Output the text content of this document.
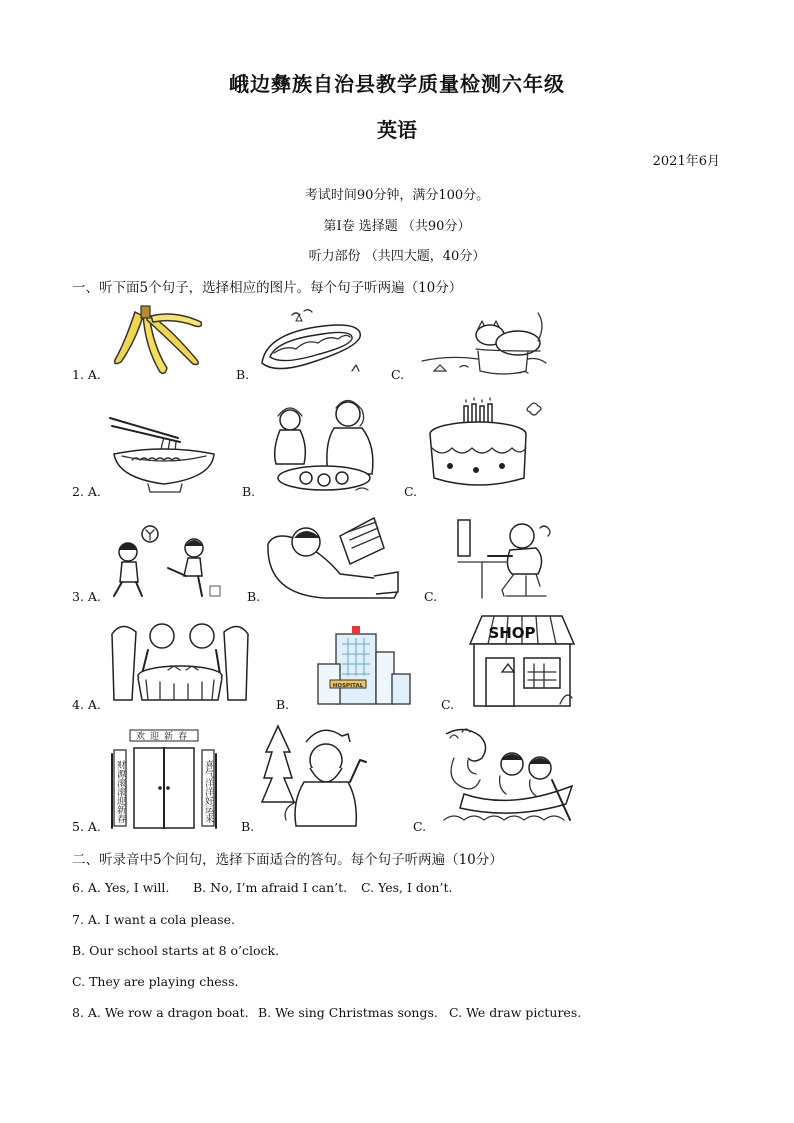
峨边彝族自治县教学质量检测六年级
英语
2021年6月
考试时间90分钟，满分100分。
第Ⅰ卷 选择题 （共90分）
听力部份 （共四大题，40分）
一、听下面5个句子，选择相应的图片。每个句子听两遍（10分）
1. A.	B.	C.
2. A.	B.	C.
3. A.	B.	C.
4. A.	B.	C.
HOSPITAL
SHOP
5. A.	B.	C.
欢迎新春
财源滚滚迎新春	喜气洋洋好运来
二、听录音中5个问句，选择下面适合的答句。每个句子听两遍（10分）
6. A. Yes, I will. B. No, I’m afraid I can’t. C. Yes, I don’t.
7. A. I want a cola please.
B. Our school starts at 8 o’clock.
C. They are playing chess.
8. A. We row a dragon boat. B. We sing Christmas songs. C. We draw pictures.
